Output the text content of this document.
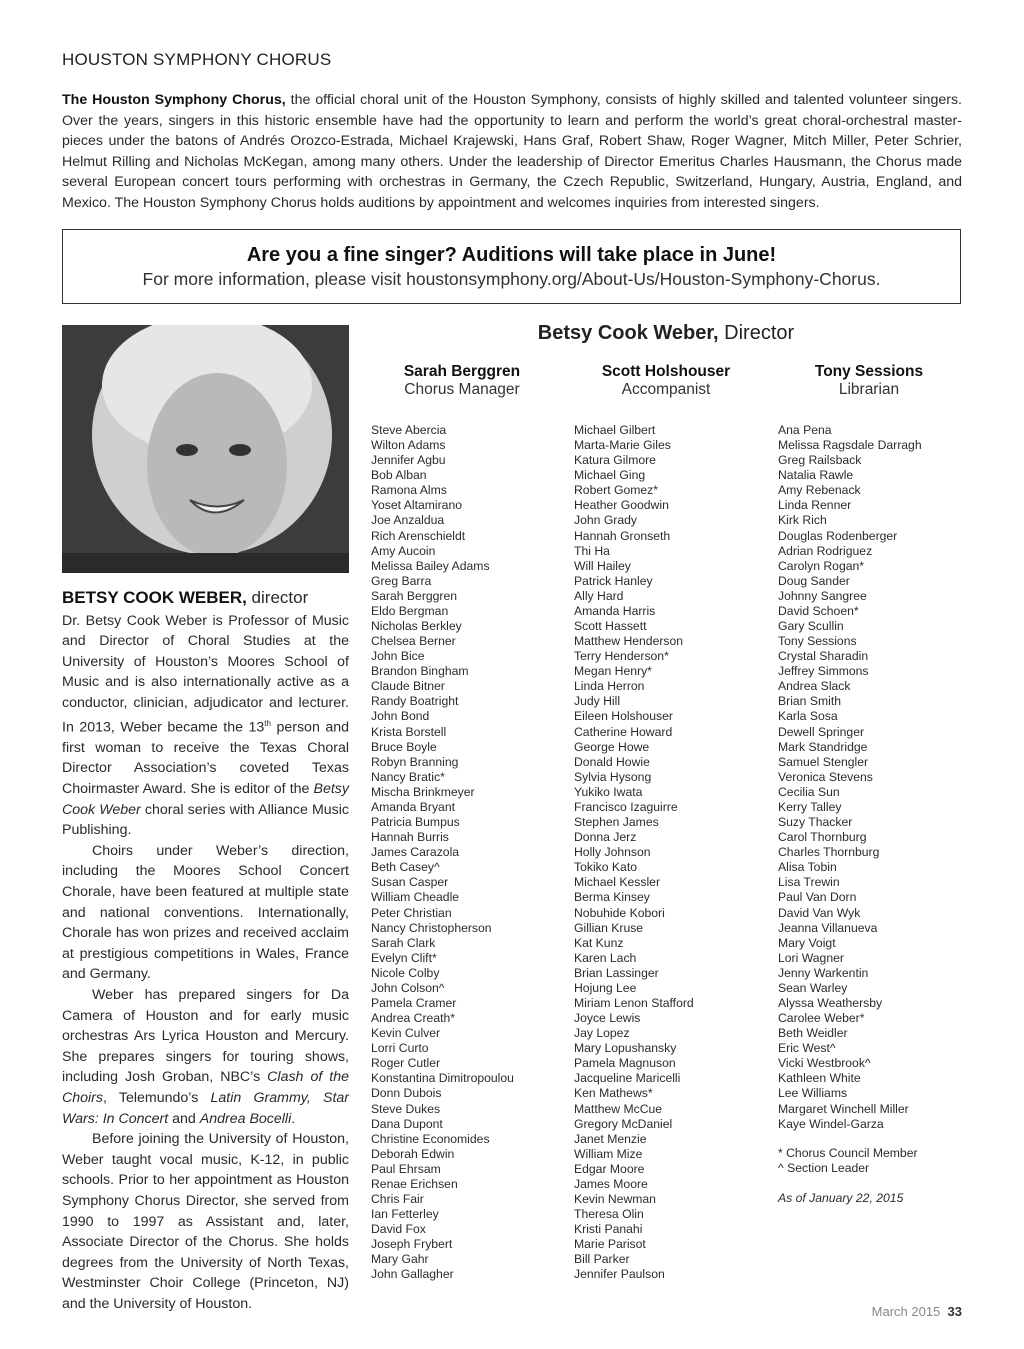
HOUSTON SYMPHONY CHORUS
The Houston Symphony Chorus, the official choral unit of the Houston Symphony, consists of highly skilled and talented volunteer singers. Over the years, singers in this historic ensemble have had the opportunity to learn and perform the world’s great choral-orchestral master-pieces under the batons of Andrés Orozco-Estrada, Michael Krajewski, Hans Graf, Robert Shaw, Roger Wagner, Mitch Miller, Peter Schrier, Helmut Rilling and Nicholas McKegan, among many others. Under the leadership of Director Emeritus Charles Hausmann, the Chorus made several European concert tours performing with orchestras in Germany, the Czech Republic, Switzerland, Hungary, Austria, England, and Mexico. The Houston Symphony Chorus holds auditions by appointment and welcomes inquiries from interested singers.
Are you a fine singer? Auditions will take place in June!
For more information, please visit houstonsymphony.org/About-Us/Houston-Symphony-Chorus.
BETSY COOK WEBER, director

Dr. Betsy Cook Weber is Professor of Music and Director of Choral Studies at the University of Houston’s Moores School of Music and is also internationally active as a conductor, clinician, adjudicator and lecturer. In 2013, Weber became the 13th person and first woman to receive the Texas Choral Director Association’s coveted Texas Choirmaster Award. She is editor of the Betsy Cook Weber choral series with Alliance Music Publishing.

Choirs under Weber’s direction, including the Moores School Concert Chorale, have been featured at multiple state and national conventions. Internationally, Chorale has won prizes and received acclaim at prestigious competitions in Wales, France and Germany.

Weber has prepared singers for Da Camera of Houston and for early music orchestras Ars Lyrica Houston and Mercury. She prepares singers for touring shows, including Josh Groban, NBC’s Clash of the Choirs, Telemundo’s Latin Grammy, Star Wars: In Concert and Andrea Bocelli.

Before joining the University of Houston, Weber taught vocal music, K-12, in public schools. Prior to her appointment as Houston Symphony Chorus Director, she served from 1990 to 1997 as Assistant and, later, Associate Director of the Chorus. She holds degrees from the University of North Texas, Westminster Choir College (Princeton, NJ) and the University of Houston.

Betsy Cook Weber, Director
Sarah Berggren
Chorus Manager
Scott Holshouser
Accompanist
Tony Sessions
Librarian
Steve Abercia
Wilton Adams
Jennifer Agbu
Bob Alban
Ramona Alms
Yoset Altamirano
Joe Anzaldua
Rich Arenschieldt
Amy Aucoin
Melissa Bailey Adams
Greg Barra
Sarah Berggren
Eldo Bergman
Nicholas Berkley
Chelsea Berner
John Bice
Brandon Bingham
Claude Bitner
Randy Boatright
John Bond
Krista Borstell
Bruce Boyle
Robyn Branning
Nancy Bratic*
Mischa Brinkmeyer
Amanda Bryant
Patricia Bumpus
Hannah Burris
James Carazola
Beth Casey^
Susan Casper
William Cheadle
Peter Christian
Nancy Christopherson
Sarah Clark
Evelyn Clift*
Nicole Colby
John Colson^
Pamela Cramer
Andrea Creath*
Kevin Culver
Lorri Curto
Roger Cutler
Konstantina Dimitropoulou
Donn Dubois
Steve Dukes
Dana Dupont
Christine Economides
Deborah Edwin
Paul Ehrsam
Renae Erichsen
Chris Fair
Ian Fetterley
David Fox
Joseph Frybert
Mary Gahr
John Gallagher
Michael Gilbert
Marta-Marie Giles
Katura Gilmore
Michael Ging
Robert Gomez*
Heather Goodwin
John Grady
Hannah Gronseth
Thi Ha
Will Hailey
Patrick Hanley
Ally Hard
Amanda Harris
Scott Hassett
Matthew Henderson
Terry Henderson*
Megan Henry*
Linda Herron
Judy Hill
Eileen Holshouser
Catherine Howard
George Howe
Donald Howie
Sylvia Hysong
Yukiko Iwata
Francisco Izaguirre
Stephen James
Donna Jerz
Holly Johnson
Tokiko Kato
Michael Kessler
Berma Kinsey
Nobuhide Kobori
Gillian Kruse
Kat Kunz
Karen Lach
Brian Lassinger
Hojung Lee
Miriam Lenon Stafford
Joyce Lewis
Jay Lopez
Mary Lopushansky
Pamela Magnuson
Jacqueline Maricelli
Ken Mathews*
Matthew McCue
Gregory McDaniel
Janet Menzie
William Mize
Edgar Moore
James Moore
Kevin Newman
Theresa Olin
Kristi Panahi
Marie Parisot
Bill Parker
Jennifer Paulson
Ana Pena
Melissa Ragsdale Darragh
Greg Railsback
Natalia Rawle
Amy Rebenack
Linda Renner
Kirk Rich
Douglas Rodenberger
Adrian Rodriguez
Carolyn Rogan*
Doug Sander
Johnny Sangree
David Schoen*
Gary Scullin
Tony Sessions
Crystal Sharadin
Jeffrey Simmons
Andrea Slack
Brian Smith
Karla Sosa
Dewell Springer
Mark Standridge
Samuel Stengler
Veronica Stevens
Cecilia Sun
Kerry Talley
Suzy Thacker
Carol Thornburg
Charles Thornburg
Alisa Tobin
Lisa Trewin
Paul Van Dorn
David Van Wyk
Jeanna Villanueva
Mary Voigt
Lori Wagner
Jenny Warkentin
Sean Warley
Alyssa Weathersby
Carolee Weber*
Beth Weidler
Eric West^
Vicki Westbrook^
Kathleen White
Lee Williams
Margaret Winchell Miller
Kaye Windel-Garza
* Chorus Council Member
^ Section Leader
As of January 22, 2015
March 2015 33
